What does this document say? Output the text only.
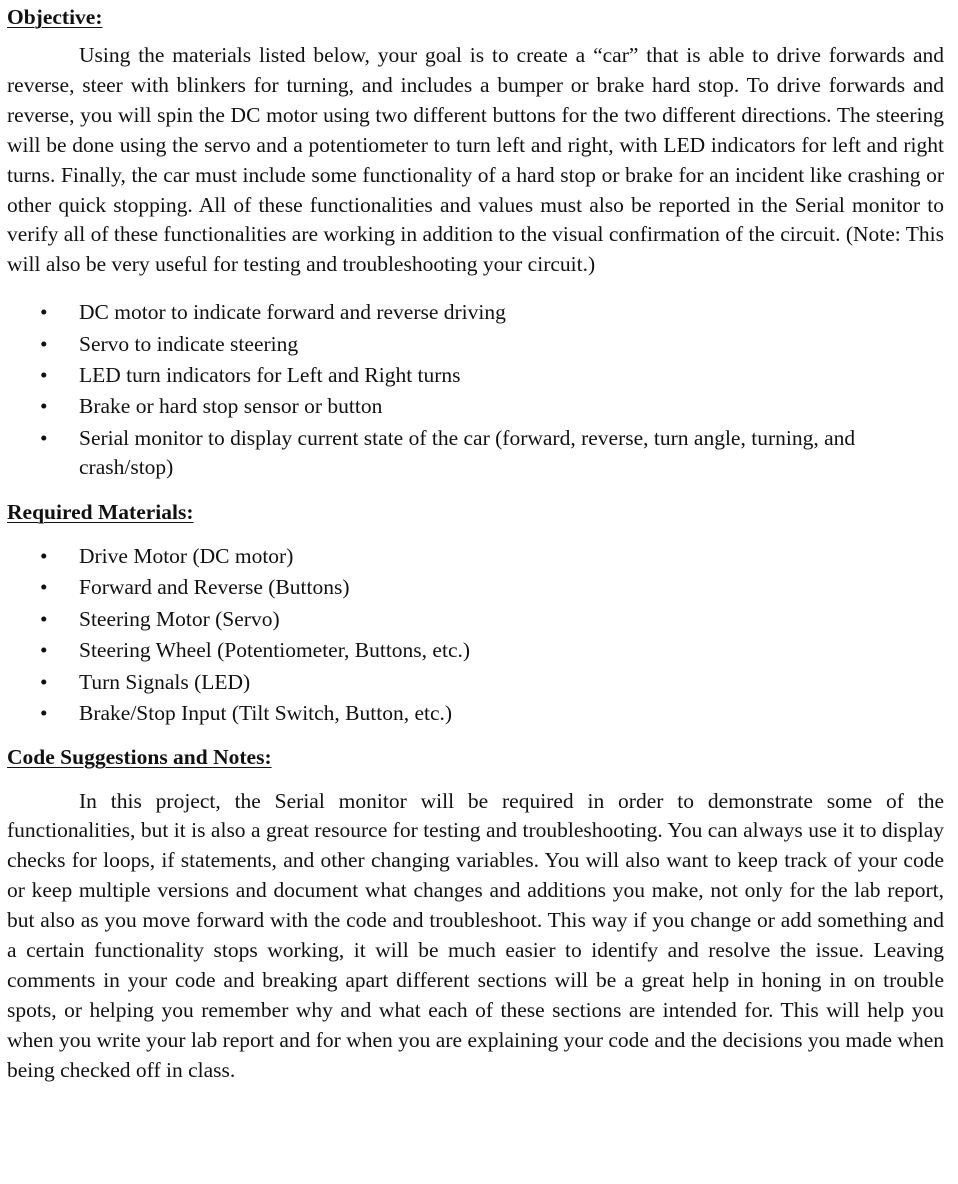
Objective:

Using the materials listed below, your goal is to create a “car” that is able to drive forwards and reverse, steer with blinkers for turning, and includes a bumper or brake hard stop. To drive forwards and reverse, you will spin the DC motor using two different buttons for the two different directions. The steering will be done using the servo and a potentiometer to turn left and right, with LED indicators for left and right turns. Finally, the car must include some functionality of a hard stop or brake for an incident like crashing or other quick stopping. All of these functionalities and values must also be reported in the Serial monitor to verify all of these functionalities are working in addition to the visual confirmation of the circuit. (Note: This will also be very useful for testing and troubleshooting your circuit.)

• DC motor to indicate forward and reverse driving
• Servo to indicate steering
• LED turn indicators for Left and Right turns
• Brake or hard stop sensor or button
• Serial monitor to display current state of the car (forward, reverse, turn angle, turning, and crash/stop)
Required Materials:
• Drive Motor (DC motor)
• Forward and Reverse (Buttons)
• Steering Motor (Servo)
• Steering Wheel (Potentiometer, Buttons, etc.)
• Turn Signals (LED)
• Brake/Stop Input (Tilt Switch, Button, etc.)
Code Suggestions and Notes:

In this project, the Serial monitor will be required in order to demonstrate some of the functionalities, but it is also a great resource for testing and troubleshooting. You can always use it to display checks for loops, if statements, and other changing variables. You will also want to keep track of your code or keep multiple versions and document what changes and additions you make, not only for the lab report, but also as you move forward with the code and troubleshoot. This way if you change or add something and a certain functionality stops working, it will be much easier to identify and resolve the issue. Leaving comments in your code and breaking apart different sections will be a great help in honing in on trouble spots, or helping you remember why and what each of these sections are intended for. This will help you when you write your lab report and for when you are explaining your code and the decisions you made when being checked off in class.
